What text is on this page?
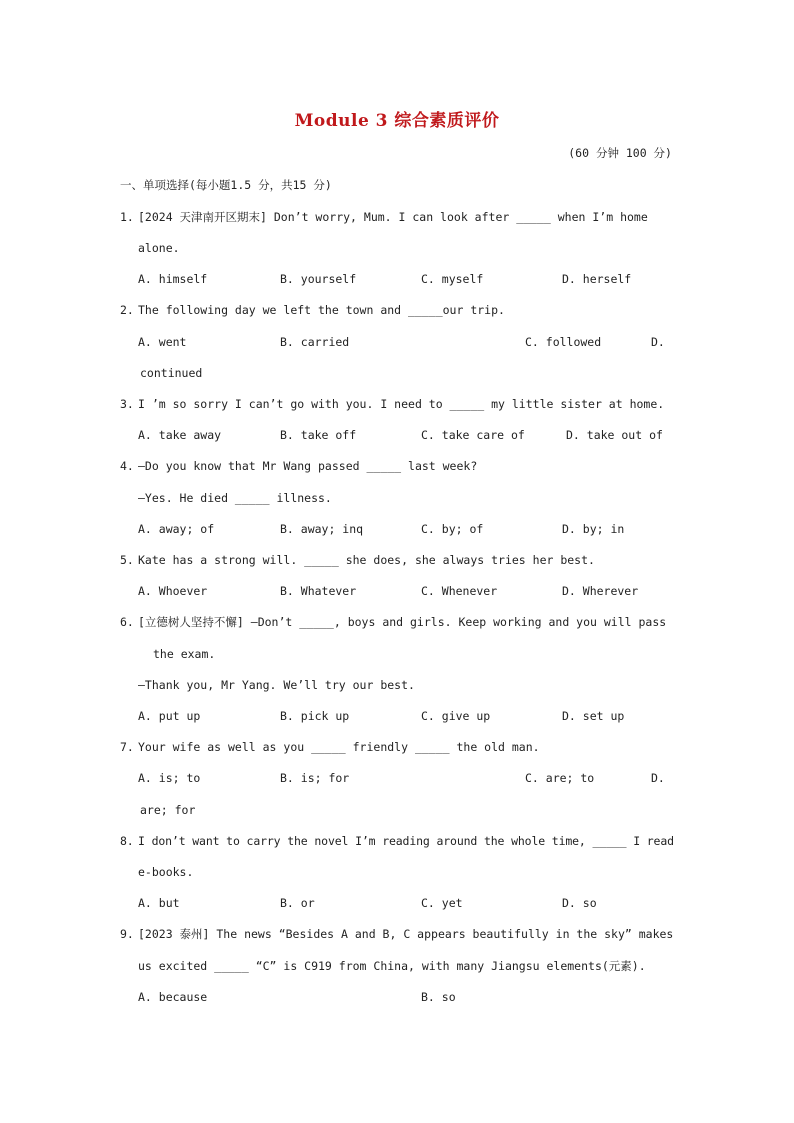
Module 3 综合素质评价
(60 分钟 100 分)
一、单项选择(每小题1.5 分，共15 分)
1. [2024 天津南开区期末] Don’t worry, Mum. I can look after _____ when I’m home
alone.
A. himself	B. yourself	C. myself	D. herself
2. The following day we left the town and _____our trip.
A. went	B. carried	C. followed	D.
continued
3. I ’m so sorry I can’t go with you. I need to _____ my little sister at home.
A. take away	B. take off	C. take care of	D. take out of
4. —Do you know that Mr Wang passed _____ last week?
—Yes. He died _____ illness.
A. away; of	B. away; inq	C. by; of	D. by; in
5. Kate has a strong will. _____ she does, she always tries her best.
A. Whoever	B. Whatever	C. Whenever	D. Wherever
6. [立德树人坚持不懈] —Don’t _____, boys and girls. Keep working and you will pass
the exam.
—Thank you, Mr Yang. We’ll try our best.
A. put up	B. pick up	C. give up	D. set up
7. Your wife as well as you _____ friendly _____ the old man.
A. is; to	B. is; for	C. are; to	D.
are; for
8. I don’t want to carry the novel I’m reading around the whole time, _____ I read
e-books.
A. but	B. or	C. yet	D. so
9. [2023 泰州] The news “Besides A and B, C appears beautifully in the sky” makes
us excited _____ “C” is C919 from China, with many Jiangsu elements(元素).
A. because	B. so
